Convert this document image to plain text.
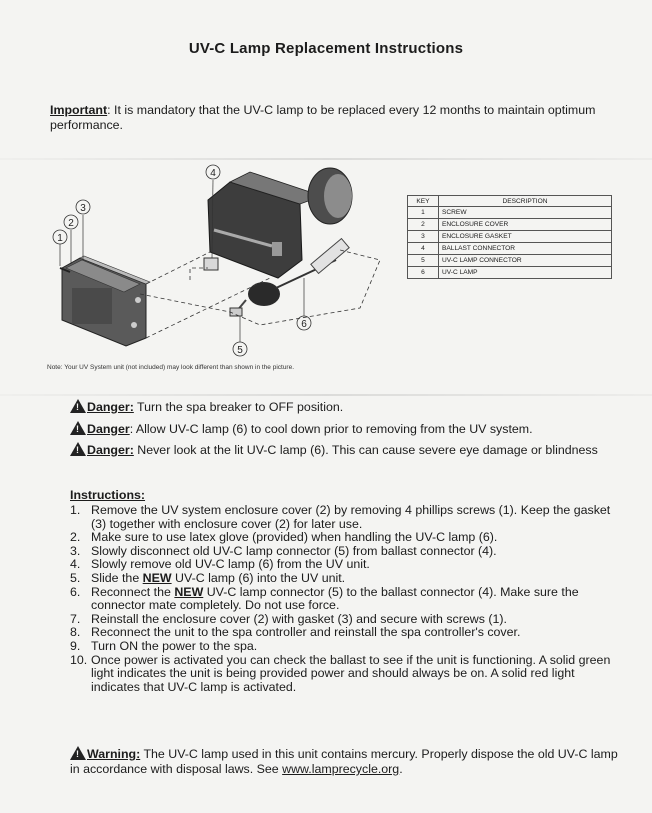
UV-C Lamp Replacement Instructions
Important: It is mandatory that the UV-C lamp to be replaced every 12 months to maintain optimum performance.
1
2
3
4
5
6
Note: Your UV System unit (not included) may look different than shown in the picture.
KEY	DESCRIPTION
1	SCREW
2	ENCLOSURE COVER
3	ENCLOSURE GASKET
4	BALLAST CONNECTOR
5	UV-C LAMP CONNECTOR
6	UV-C LAMP
!Danger: Turn the spa breaker to OFF position.
!Danger: Allow UV-C lamp (6) to cool down prior to removing from the UV system.
!Danger: Never look at the lit UV-C lamp (6). This can cause severe eye damage or blindness
Instructions:
1. Remove the UV system enclosure cover (2) by removing 4 phillips screws (1). Keep the gasket (3) together with enclosure cover (2) for later use.
2. Make sure to use latex glove (provided) when handling the UV-C lamp (6).
3. Slowly disconnect old UV-C lamp connector (5) from ballast connector (4).
4. Slowly remove old UV-C lamp (6) from the UV unit.
5. Slide the NEW UV-C lamp (6) into the UV unit.
6. Reconnect the NEW UV-C lamp connector (5) to the ballast connector (4). Make sure the connector mate completely. Do not use force.
7. Reinstall the enclosure cover (2) with gasket (3) and secure with screws (1).
8. Reconnect the unit to the spa controller and reinstall the spa controller's cover.
9. Turn ON the power to the spa.
10. Once power is activated you can check the ballast to see if the unit is functioning. A solid green light indicates the unit is being provided power and should always be on. A solid red light indicates that UV-C lamp is activated.
!Warning: The UV-C lamp used in this unit contains mercury. Properly dispose the old UV-C lamp in accordance with disposal laws. See www.lamprecycle.org.
